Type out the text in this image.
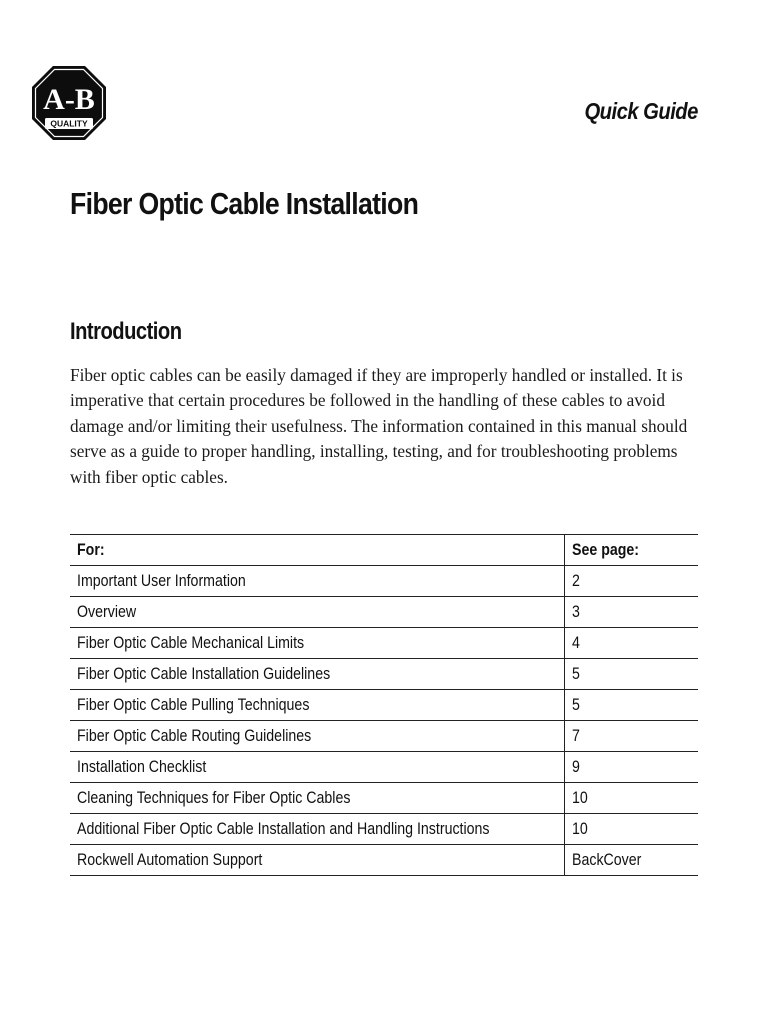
A-B
QUALITY	Quick Guide
Fiber Optic Cable Installation
Introduction

Fiber optic cables can be easily damaged if they are improperly handled or installed. It is imperative that certain procedures be followed in the handling of these cables to avoid damage and/or limiting their usefulness. The information contained in this manual should serve as a guide to proper handling, installing, testing, and for troubleshooting problems with fiber optic cables.

For:	See page:
Important User Information	2
Overview	3
Fiber Optic Cable Mechanical Limits	4
Fiber Optic Cable Installation Guidelines	5
Fiber Optic Cable Pulling Techniques	5
Fiber Optic Cable Routing Guidelines	7
Installation Checklist	9
Cleaning Techniques for Fiber Optic Cables	10
Additional Fiber Optic Cable Installation and Handling Instructions	10
Rockwell Automation Support	BackCover
